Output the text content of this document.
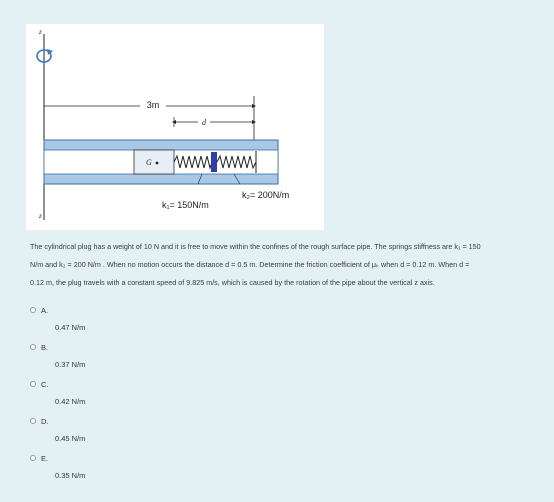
z
z
3m
d
G
k₂= 200N/m
k₁= 150N/m

The cylindrical plug has a weight of 10 N and it is free to move within the confines of the rough surface pipe. The springs stiffness are k₁ = 150

N/m and k₂ = 200 N/m . When no motion occurs the distance d = 0.5 m. Determine the friction coefficient of μₖ when d = 0.12 m. When d =

0.12 m, the plug travels with a constant speed of 9.825 m/s, which is caused by the rotation of the pipe about the vertical z axis.

A.
0.47 N/m
B.
0.37 N/m
C.
0.42 N/m
D.
0.45 N/m
E.
0.35 N/m
